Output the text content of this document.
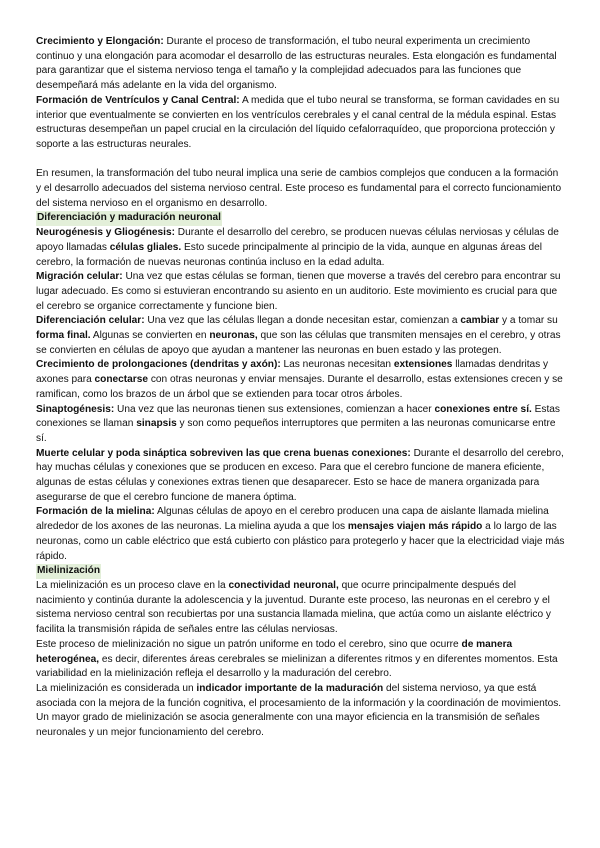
Crecimiento y Elongación: Durante el proceso de transformación, el tubo neural experimenta un crecimiento continuo y una elongación para acomodar el desarrollo de las estructuras neurales. Esta elongación es fundamental para garantizar que el sistema nervioso tenga el tamaño y la complejidad adecuados para las funciones que desempeñará más adelante en la vida del organismo.

Formación de Ventrículos y Canal Central: A medida que el tubo neural se transforma, se forman cavidades en su interior que eventualmente se convierten en los ventrículos cerebrales y el canal central de la médula espinal. Estas estructuras desempeñan un papel crucial en la circulación del líquido cefalorraquídeo, que proporciona protección y soporte a las estructuras neurales.

En resumen, la transformación del tubo neural implica una serie de cambios complejos que conducen a la formación y el desarrollo adecuados del sistema nervioso central. Este proceso es fundamental para el correcto funcionamiento del sistema nervioso en el organismo en desarrollo.

Diferenciación y maduración neuronal

Neurogénesis y Gliogénesis: Durante el desarrollo del cerebro, se producen nuevas células nerviosas y células de apoyo llamadas células gliales. Esto sucede principalmente al principio de la vida, aunque en algunas áreas del cerebro, la formación de nuevas neuronas continúa incluso en la edad adulta.

Migración celular: Una vez que estas células se forman, tienen que moverse a través del cerebro para encontrar su lugar adecuado. Es como si estuvieran encontrando su asiento en un auditorio. Este movimiento es crucial para que el cerebro se organice correctamente y funcione bien.

Diferenciación celular: Una vez que las células llegan a donde necesitan estar, comienzan a cambiar y a tomar su forma final. Algunas se convierten en neuronas, que son las células que transmiten mensajes en el cerebro, y otras se convierten en células de apoyo que ayudan a mantener las neuronas en buen estado y las protegen.

Crecimiento de prolongaciones (dendritas y axón): Las neuronas necesitan extensiones llamadas dendritas y axones para conectarse con otras neuronas y enviar mensajes. Durante el desarrollo, estas extensiones crecen y se ramifican, como los brazos de un árbol que se extienden para tocar otros árboles.

Sinaptogénesis: Una vez que las neuronas tienen sus extensiones, comienzan a hacer conexiones entre sí. Estas conexiones se llaman sinapsis y son como pequeños interruptores que permiten a las neuronas comunicarse entre sí.

Muerte celular y poda sináptica sobreviven las que crena buenas conexiones: Durante el desarrollo del cerebro, hay muchas células y conexiones que se producen en exceso. Para que el cerebro funcione de manera eficiente, algunas de estas células y conexiones extras tienen que desaparecer. Esto se hace de manera organizada para asegurarse de que el cerebro funcione de manera óptima.

Formación de la mielina: Algunas células de apoyo en el cerebro producen una capa de aislante llamada mielina alrededor de los axones de las neuronas. La mielina ayuda a que los mensajes viajen más rápido a lo largo de las neuronas, como un cable eléctrico que está cubierto con plástico para protegerlo y hacer que la electricidad viaje más rápido.

Mielinización

La mielinización es un proceso clave en la conectividad neuronal, que ocurre principalmente después del nacimiento y continúa durante la adolescencia y la juventud. Durante este proceso, las neuronas en el cerebro y el sistema nervioso central son recubiertas por una sustancia llamada mielina, que actúa como un aislante eléctrico y facilita la transmisión rápida de señales entre las células nerviosas.

Este proceso de mielinización no sigue un patrón uniforme en todo el cerebro, sino que ocurre de manera heterogénea, es decir, diferentes áreas cerebrales se mielinizan a diferentes ritmos y en diferentes momentos. Esta variabilidad en la mielinización refleja el desarrollo y la maduración del cerebro.

La mielinización es considerada un indicador importante de la maduración del sistema nervioso, ya que está asociada con la mejora de la función cognitiva, el procesamiento de la información y la coordinación de movimientos. Un mayor grado de mielinización se asocia generalmente con una mayor eficiencia en la transmisión de señales neuronales y un mejor funcionamiento del cerebro.
